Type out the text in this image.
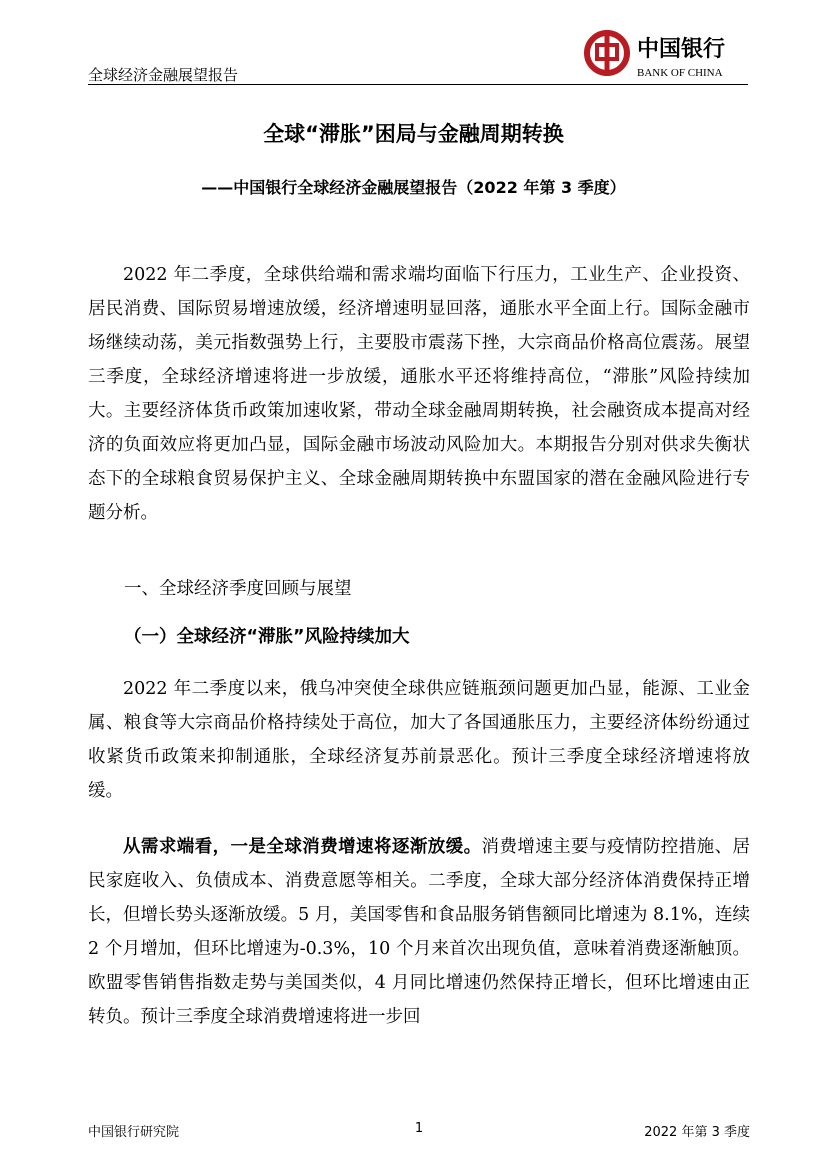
全球经济金融展望报告
中国银行
BANK OF CHINA
全球“滞胀”困局与金融周期转换
——中国银行全球经济金融展望报告（2022 年第 3 季度）
2022 年二季度，全球供给端和需求端均面临下行压力，工业生产、企业投资、居民消费、国际贸易增速放缓，经济增速明显回落，通胀水平全面上行。国际金融市场继续动荡，美元指数强势上行，主要股市震荡下挫，大宗商品价格高位震荡。展望三季度，全球经济增速将进一步放缓，通胀水平还将维持高位，“滞胀”风险持续加大。主要经济体货币政策加速收紧，带动全球金融周期转换，社会融资成本提高对经济的负面效应将更加凸显，国际金融市场波动风险加大。本期报告分别对供求失衡状态下的全球粮食贸易保护主义、全球金融周期转换中东盟国家的潜在金融风险进行专题分析。
一、全球经济季度回顾与展望
（一）全球经济“滞胀”风险持续加大
2022 年二季度以来，俄乌冲突使全球供应链瓶颈问题更加凸显，能源、工业金属、粮食等大宗商品价格持续处于高位，加大了各国通胀压力，主要经济体纷纷通过收紧货币政策来抑制通胀，全球经济复苏前景恶化。预计三季度全球经济增速将放缓。
从需求端看，一是全球消费增速将逐渐放缓。消费增速主要与疫情防控措施、居民家庭收入、负债成本、消费意愿等相关。二季度，全球大部分经济体消费保持正增长，但增长势头逐渐放缓。5 月，美国零售和食品服务销售额同比增速为 8.1%，连续 2 个月增加，但环比增速为-0.3%，10 个月来首次出现负值，意味着消费逐渐触顶。欧盟零售销售指数走势与美国类似，4 月同比增速仍然保持正增长，但环比增速由正转负。预计三季度全球消费增速将进一步回
中国银行研究院	1	2022 年第 3 季度
